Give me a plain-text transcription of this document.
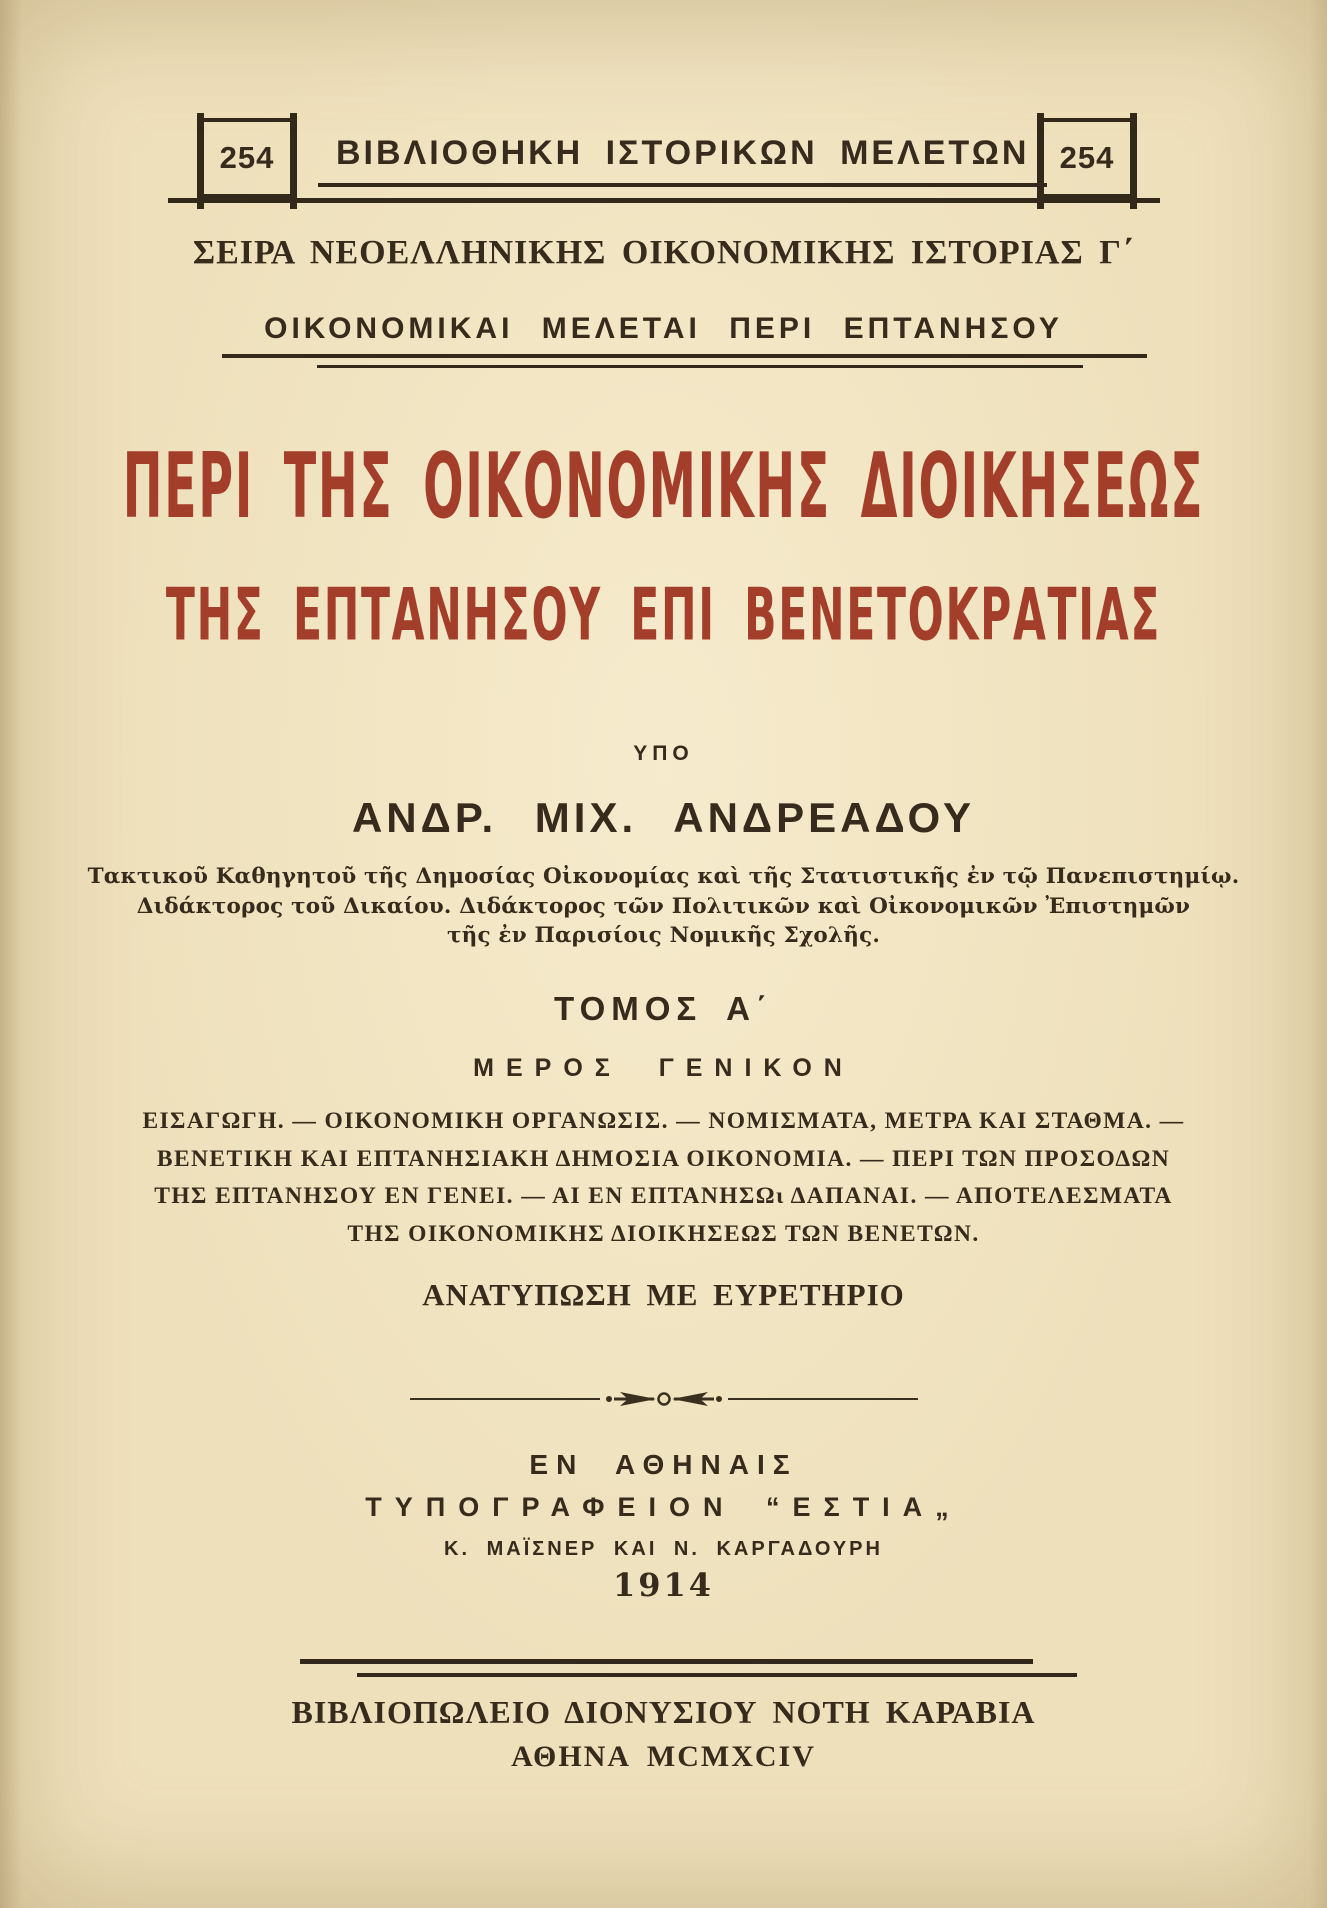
254	ΒΙΒΛΙΟΘΗΚΗ ΙΣΤΟΡΙΚΩΝ ΜΕΛΕΤΩΝ 254
ΣΕΙΡΑ ΝΕΟΕΛΛΗΝΙΚΗΣ ΟΙΚΟΝΟΜΙΚΗΣ ΙΣΤΟΡΙΑΣ Γ΄
ΟΙΚΟΝΟΜΙΚΑΙ ΜΕΛΕΤΑΙ ΠΕΡΙ ΕΠΤΑΝΗΣΟΥ
ΠΕΡΙ ΤΗΣ ΟΙΚΟΝΟΜΙΚΗΣ ΔΙΟΙΚΗΣΕΩΣ
ΤΗΣ ΕΠΤΑΝΗΣΟΥ ΕΠΙ ΒΕΝΕΤΟΚΡΑΤΙΑΣ
ΥΠΟ
ΑΝΔΡ. ΜΙΧ. ΑΝΔΡΕΑΔΟΥ
Τακτικοῦ Καθηγητοῦ τῆς Δημοσίας Οἰκονομίας καὶ τῆς Στατιστικῆς ἐν τῷ Πανεπιστημίῳ.
Διδάκτορος τοῦ Δικαίου. Διδάκτορος τῶν Πολιτικῶν καὶ Οἰκονομικῶν Ἐπιστημῶν
τῆς ἐν Παρισίοις Νομικῆς Σχολῆς.
ΤΟΜΟΣ Α΄
ΜΕΡΟΣ ΓΕΝΙΚΟΝ
ΕΙΣΑΓΩΓΗ. — ΟΙΚΟΝΟΜΙΚΗ ΟΡΓΑΝΩΣΙΣ. — ΝΟΜΙΣΜΑΤΑ, ΜΕΤΡΑ ΚΑΙ ΣΤΑΘΜΑ. —
ΒΕΝΕΤΙΚΗ ΚΑΙ ΕΠΤΑΝΗΣΙΑΚΗ ΔΗΜΟΣΙΑ ΟΙΚΟΝΟΜΙΑ. — ΠΕΡΙ ΤΩΝ ΠΡΟΣΟΔΩΝ
ΤΗΣ ΕΠΤΑΝΗΣΟΥ ΕΝ ΓΕΝΕΙ. — ΑΙ ΕΝ ΕΠΤΑΝΗΣΩι ΔΑΠΑΝΑΙ. — ΑΠΟΤΕΛΕΣΜΑΤΑ
ΤΗΣ ΟΙΚΟΝΟΜΙΚΗΣ ΔΙΟΙΚΗΣΕΩΣ ΤΩΝ ΒΕΝΕΤΩΝ.
ΑΝΑΤΥΠΩΣΗ ΜΕ ΕΥΡΕΤΗΡΙΟ
ΕΝ ΑΘΗΝΑΙΣ
ΤΥΠΟΓΡΑΦΕΙΟΝ “ΕΣΤΙΑ„
Κ. ΜΑΪΣΝΕΡ ΚΑΙ Ν. ΚΑΡΓΑΔΟΥΡΗ
1914
ΒΙΒΛΙΟΠΩΛΕΙΟ ΔΙΟΝΥΣΙΟΥ ΝΟΤΗ ΚΑΡΑΒΙΑ
ΑΘΗΝΑ MCMXCIV
